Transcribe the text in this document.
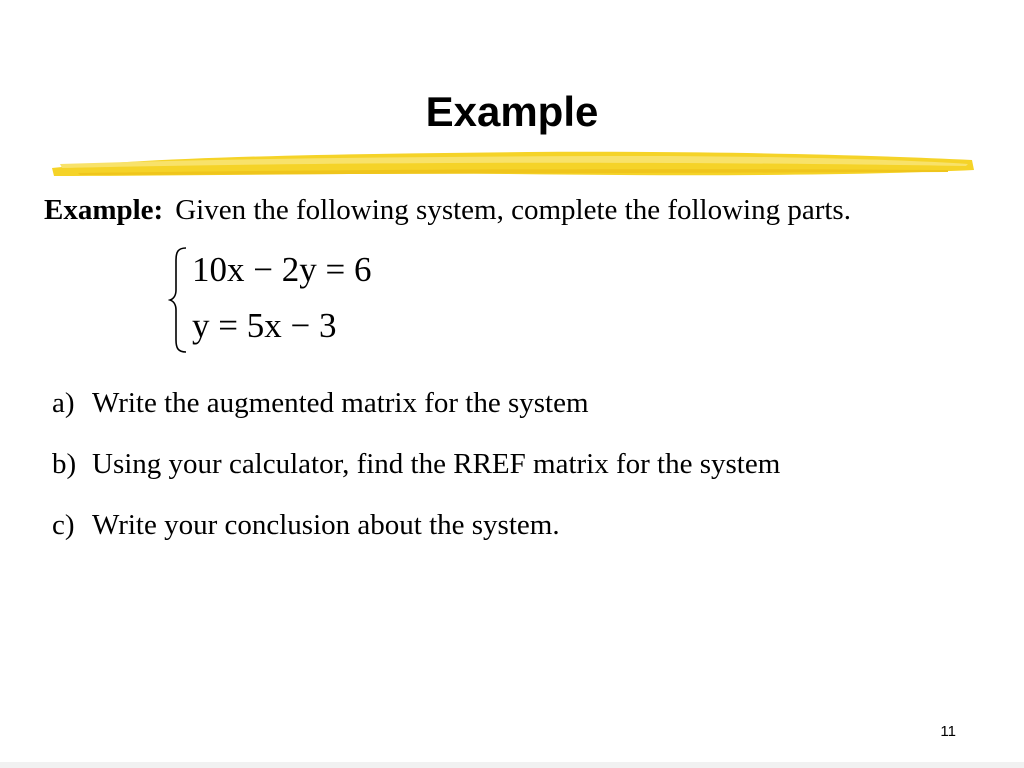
Example
Example: Given the following system, complete the following parts.
10x − 2y = 6
y = 5x − 3
a) Write the augmented matrix for the system
b) Using your calculator, find the RREF matrix for the system
c) Write your conclusion about the system.
11
